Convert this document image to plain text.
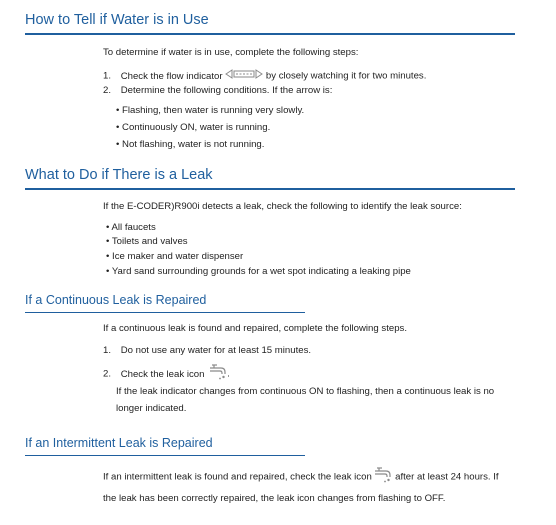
How to Tell if Water is in Use
To determine if water is in use, complete the following steps:
1. Check the flow indicator	by closely watching it for two minutes.
2. Determine the following conditions. If the arrow is:
• Flashing, then water is running very slowly.
• Continuously ON, water is running.
• Not flashing, water is not running.
What to Do if There is a Leak
If the E-CODER)R900i detects a leak, check the following to identify the leak source:
• All faucets
• Toilets and valves
• Ice maker and water dispenser
• Yard sand surrounding grounds for a wet spot indicating a leaking pipe
If a Continuous Leak is Repaired
If a continuous leak is found and repaired, complete the following steps.
1. Do not use any water for at least 15 minutes.
2. Check the leak icon .
If the leak indicator changes from continuous ON to flashing, then a continuous leak is no
longer indicated.
If an Intermittent Leak is Repaired
If an intermittent leak is found and repaired, check the leak icon after at least 24 hours. If
the leak has been correctly repaired, the leak icon changes from flashing to OFF.
